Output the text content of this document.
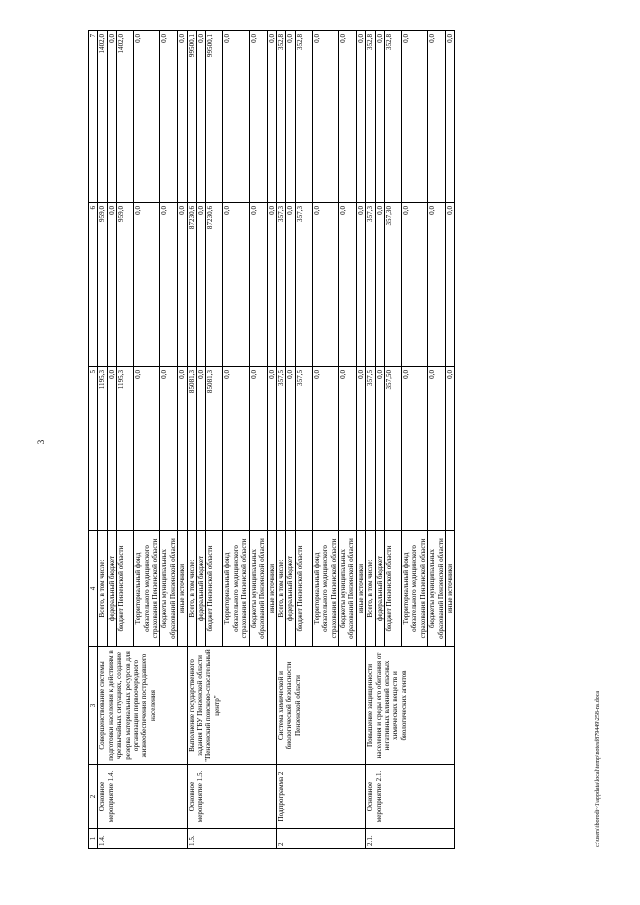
3
1	2	3	4	5	6	7
1.4.	Основное мероприятие 1.4.	Совершенствование системы подготовки населения к действиям в чрезвычайных ситуациях, создание резерва материальных ресурсов для организации первоочередного жизнеобеспечения пострадавшего населения	Всего, в том числе:	1195,3	959,0	1402,0
			федеральный бюджет	0,0	0,0	0,0
			бюджет Пензенской области	1195,3	959,0	1402,0
			Территориальный фонд обязательного медицинского страхования Пензенской области	0,0	0,0	0,0
			бюджеты муниципальных образований Пензенской области	0,0	0,0	0,0
			иные источники	0,0	0,0	0,0
1.5.	Основное мероприятие 1.5.	Выполнение государственного задания ГБУ Пензенской области "Пензенский поисково-спасательный центр"	Всего, в том числе:	85081,3	87230,6	99500,1
			федеральный бюджет	0,0	0,0	0,0
			бюджет Пензенской области	85081,3	87230,6	99500,1
			Территориальный фонд обязательного медицинского страхования Пензенской области	0,0	0,0	0,0
			бюджеты муниципальных образований Пензенской области	0,0	0,0	0,0
			иные источники	0,0	0,0	0,0
2	Подпрограмма 2	Система химической и биологической безопасности Пензенской области	Всего, в том числе:	357,5	357,3	352,8
			федеральный бюджет	0,0	0,0	0,0
			бюджет Пензенской области	357,5	357,3	352,8
			Территориальный фонд обязательного медицинского страхования Пензенской области	0,0	0,0	0,0
			бюджеты муниципальных образований Пензенской области	0,0	0,0	0,0
			иные источники	0,0	0,0	0,0
2.1.	Основное мероприятие 2.1.	Повышение защищенности населения и среды его обитания от негативных влияний опасных химических веществ и биологических агентов	Всего, в том числе:	357,5	357,3	352,8
			федеральный бюджет	0,0	0,0	0,0
			бюджет Пензенской области	357,50	357,30	352,8
			Территориальный фонд обязательного медицинского страхования Пензенской области	0,0	0,0	0,0
			бюджеты муниципальных образований Пензенской области	0,0	0,0	0,0
			иные источники	0,0	0,0	0,0
c:\users\iborodi~1\appdata\local\temp\notesf879449\258-ns.doca
